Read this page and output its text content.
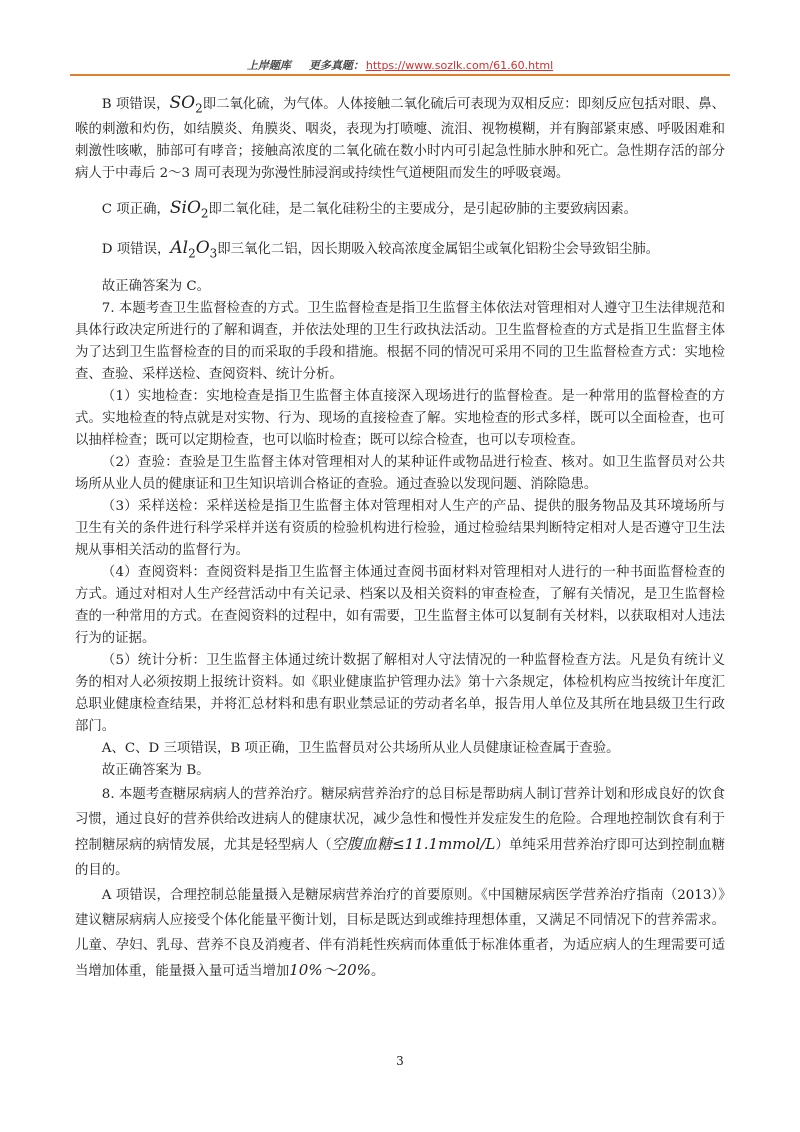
上岸题库 更多真题： https://www.sozlk.com/61.60.html

B 项错误，$SO_2$即二氧化硫，为气体。人体接触二氧化硫后可表现为双相反应：即刻反应包括对眼、鼻、喉的刺激和灼伤，如结膜炎、角膜炎、咽炎，表现为打喷嚏、流泪、视物模糊，并有胸部紧束感、呼吸困难和刺激性咳嗽，肺部可有哮音；接触高浓度的二氧化硫在数小时内可引起急性肺水肿和死亡。急性期存活的部分病人于中毒后 2～3 周可表现为弥漫性肺浸润或持续性气道梗阻而发生的呼吸衰竭。

C 项正确，SiO$_2$即二氧化硅，是二氧化硅粉尘的主要成分，是引起矽肺的主要致病因素。

D 项错误，$Al_2O_3$即三氧化二铝，因长期吸入较高浓度金属铝尘或氧化铝粉尘会导致铝尘肺。

故正确答案为 C。

7. 本题考查卫生监督检查的方式。卫生监督检查是指卫生监督主体依法对管理相对人遵守卫生法律规范和具体行政决定所进行的了解和调查，并依法处理的卫生行政执法活动。卫生监督检查的方式是指卫生监督主体为了达到卫生监督检查的目的而采取的手段和措施。根据不同的情况可采用不同的卫生监督检查方式：实地检查、查验、采样送检、查阅资料、统计分析。

（1）实地检查：实地检查是指卫生监督主体直接深入现场进行的监督检查。是一种常用的监督检查的方式。实地检查的特点就是对实物、行为、现场的直接检查了解。实地检查的形式多样，既可以全面检查，也可以抽样检查；既可以定期检查，也可以临时检查；既可以综合检查，也可以专项检查。

（2）查验：查验是卫生监督主体对管理相对人的某种证件或物品进行检查、核对。如卫生监督员对公共场所从业人员的健康证和卫生知识培训合格证的查验。通过查验以发现问题、消除隐患。

（3）采样送检：采样送检是指卫生监督主体对管理相对人生产的产品、提供的服务物品及其环境场所与卫生有关的条件进行科学采样并送有资质的检验机构进行检验，通过检验结果判断特定相对人是否遵守卫生法规从事相关活动的监督行为。

（4）查阅资料：查阅资料是指卫生监督主体通过查阅书面材料对管理相对人进行的一种书面监督检查的方式。通过对相对人生产经营活动中有关记录、档案以及相关资料的审查检查，了解有关情况，是卫生监督检查的一种常用的方式。在查阅资料的过程中，如有需要，卫生监督主体可以复制有关材料，以获取相对人违法行为的证据。

（5）统计分析：卫生监督主体通过统计数据了解相对人守法情况的一种监督检查方法。凡是负有统计义务的相对人必须按期上报统计资料。如《职业健康监护管理办法》第十六条规定，体检机构应当按统计年度汇总职业健康检查结果，并将汇总材料和患有职业禁忌证的劳动者名单，报告用人单位及其所在地县级卫生行政部门。

A、C、D 三项错误，B 项正确，卫生监督员对公共场所从业人员健康证检查属于查验。

故正确答案为 B。

8. 本题考查糖尿病病人的营养治疗。糖尿病营养治疗的总目标是帮助病人制订营养计划和形成良好的饮食习惯，通过良好的营养供给改进病人的健康状况，减少急性和慢性并发症发生的危险。合理地控制饮食有利于控制糖尿病的病情发展，尤其是轻型病人（空腹血糖≤11.1mmol/L）单纯采用营养治疗即可达到控制血糖的目的。

A 项错误，合理控制总能量摄入是糖尿病营养治疗的首要原则。《中国糖尿病医学营养治疗指南（2013）》建议糖尿病病人应接受个体化能量平衡计划，目标是既达到或维持理想体重，又满足不同情况下的营养需求。儿童、孕妇、乳母、营养不良及消瘦者、伴有消耗性疾病而体重低于标准体重者，为适应病人的生理需要可适当增加体重，能量摄入量可适当增加10%～20%。

3
